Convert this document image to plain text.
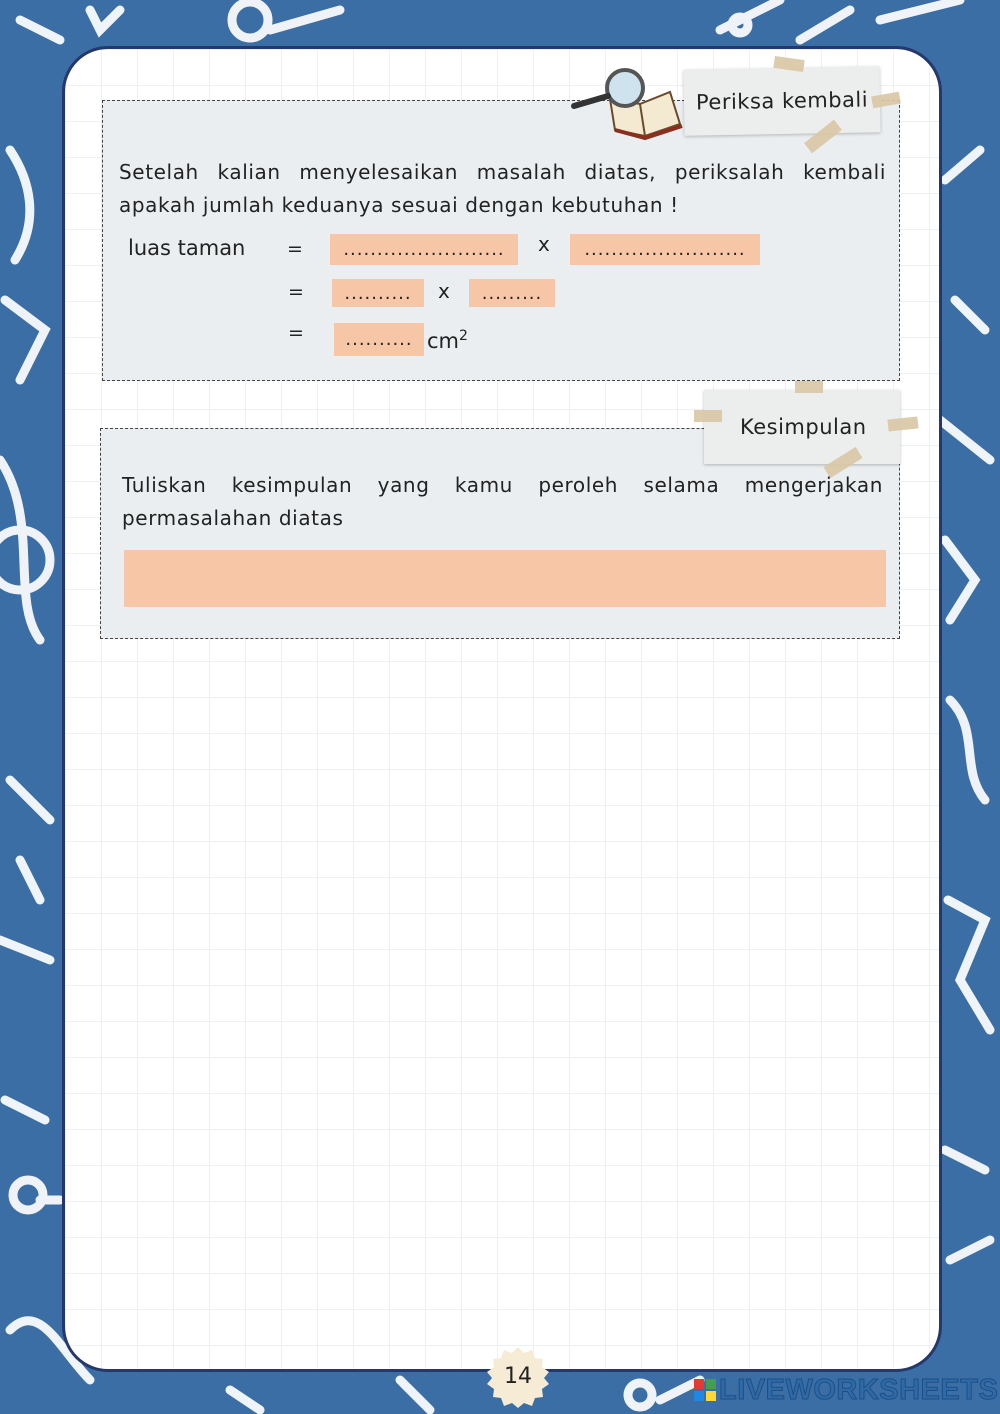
Periksa kembali
Setelah kalian menyelesaikan masalah diatas, periksalah kembali apakah jumlah keduanya sesuai dengan kebutuhan !
luas taman =	........................	x	........................
=	..........	x	.........
=	.......... $cm^2$
Kesimpulan
Tuliskan kesimpulan yang kamu peroleh selama mengerjakan permasalahan diatas
14	LIVEWORKSHEETS
